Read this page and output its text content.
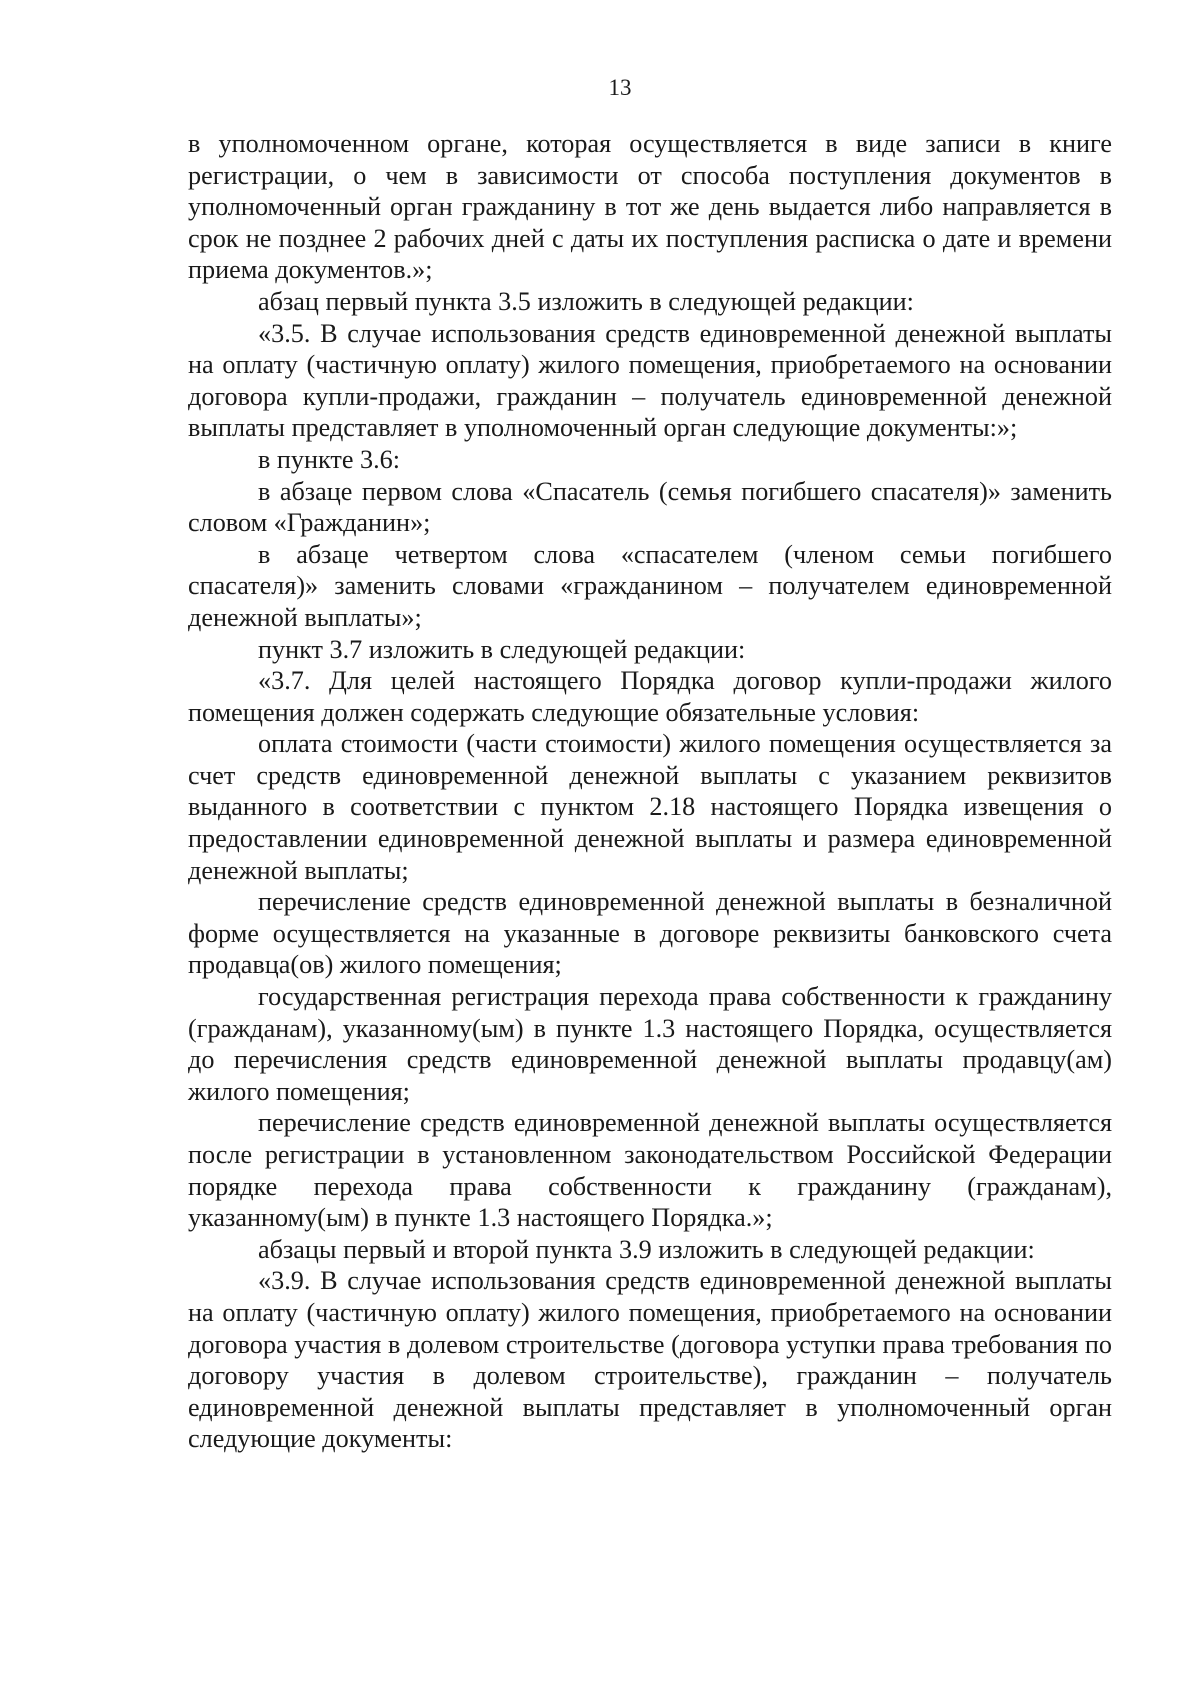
13

в уполномоченном органе, которая осуществляется в виде записи в книге регистрации, о чем в зависимости от способа поступления документов в уполномоченный орган гражданину в тот же день выдается либо направляется в срок не позднее 2 рабочих дней с даты их поступления расписка о дате и времени приема документов.»;

абзац первый пункта 3.5 изложить в следующей редакции:

«3.5. В случае использования средств единовременной денежной выплаты на оплату (частичную оплату) жилого помещения, приобретаемого на основании договора купли-продажи, гражданин – получатель единовременной денежной выплаты представляет в уполномоченный орган следующие документы:»;

в пункте 3.6:

в абзаце первом слова «Спасатель (семья погибшего спасателя)» заменить словом «Гражданин»;

в абзаце четвертом слова «спасателем (членом семьи погибшего спасателя)» заменить словами «гражданином – получателем единовременной денежной выплаты»;

пункт 3.7 изложить в следующей редакции:

«3.7. Для целей настоящего Порядка договор купли-продажи жилого помещения должен содержать следующие обязательные условия:

оплата стоимости (части стоимости) жилого помещения осуществляется за счет средств единовременной денежной выплаты с указанием реквизитов выданного в соответствии с пунктом 2.18 настоящего Порядка извещения о предоставлении единовременной денежной выплаты и размера единовременной денежной выплаты;

перечисление средств единовременной денежной выплаты в безналичной форме осуществляется на указанные в договоре реквизиты банковского счета продавца(ов) жилого помещения;

государственная регистрация перехода права собственности к гражданину (гражданам), указанному(ым) в пункте 1.3 настоящего Порядка, осуществляется до перечисления средств единовременной денежной выплаты продавцу(ам) жилого помещения;

перечисление средств единовременной денежной выплаты осуществляется после регистрации в установленном законодательством Российской Федерации порядке перехода права собственности к гражданину (гражданам), указанному(ым) в пункте 1.3 настоящего Порядка.»;

абзацы первый и второй пункта 3.9 изложить в следующей редакции:

«3.9. В случае использования средств единовременной денежной выплаты на оплату (частичную оплату) жилого помещения, приобретаемого на основании договора участия в долевом строительстве (договора уступки права требования по договору участия в долевом строительстве), гражданин – получатель единовременной денежной выплаты представляет в уполномоченный орган следующие документы:
